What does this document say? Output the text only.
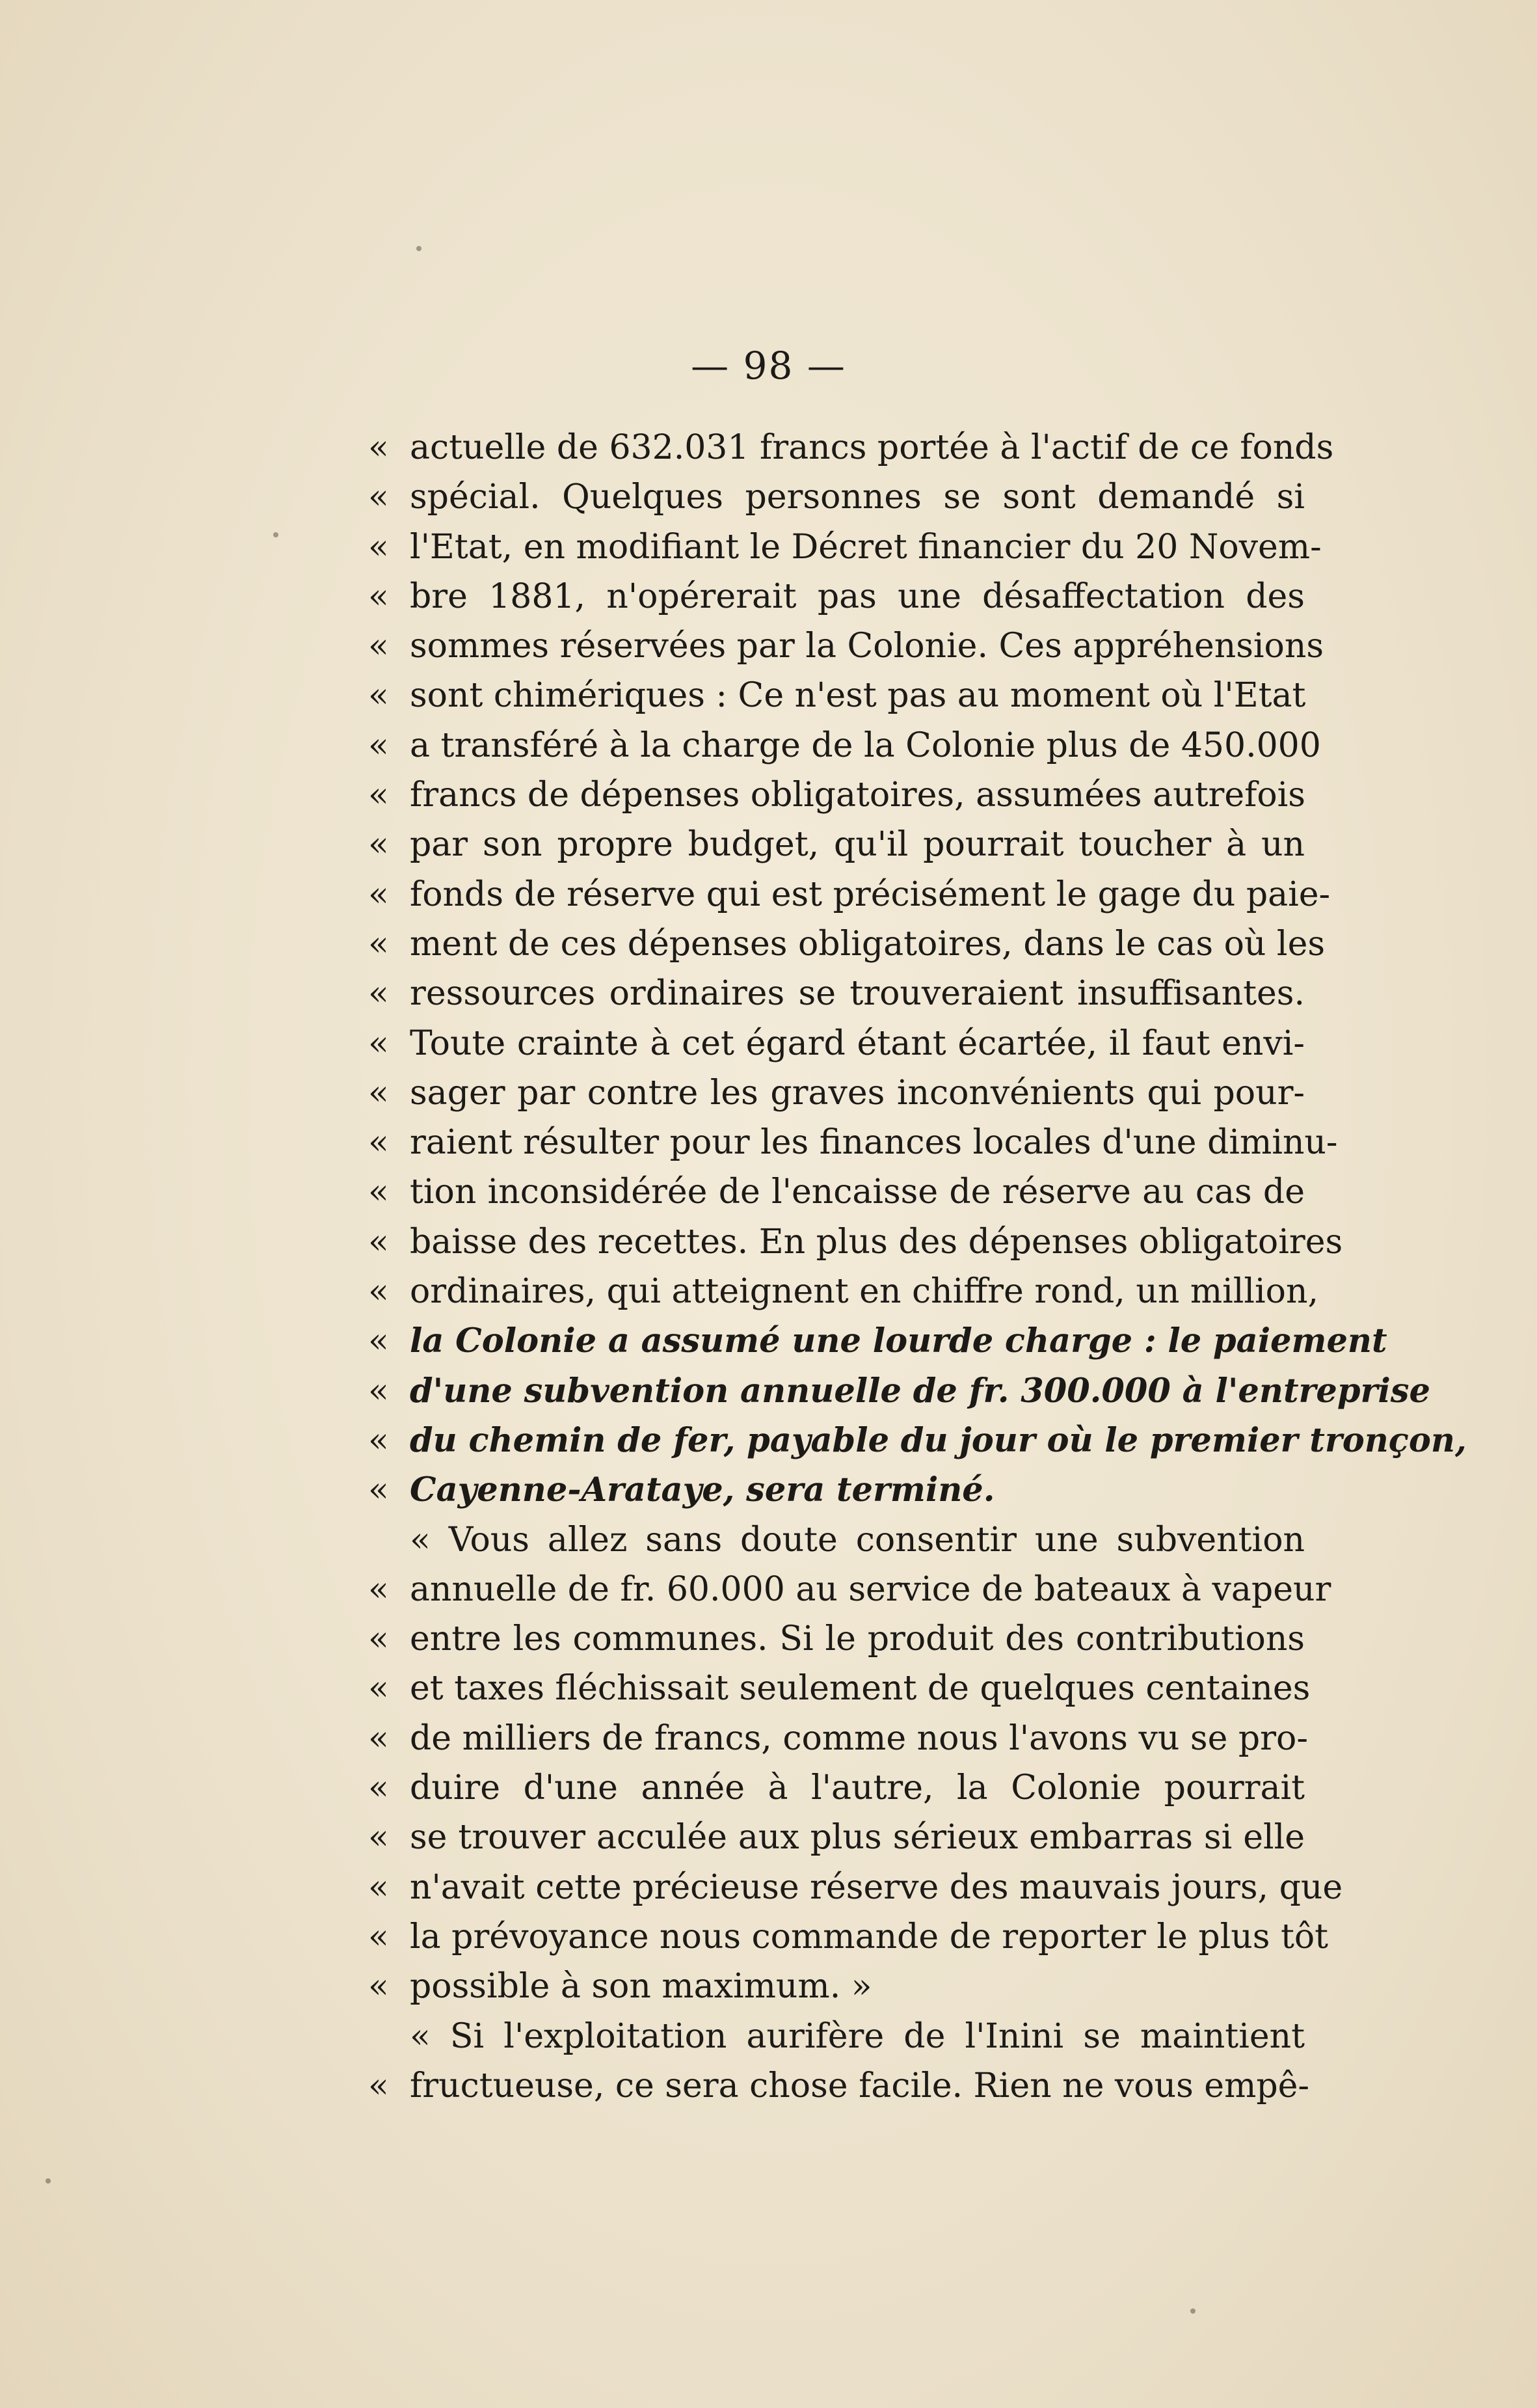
— 98 —
« actuelle de 632.031 francs portée à l'actif de ce fonds
« spécial. Quelques personnes se sont demandé si
« l'Etat, en modifiant le Décret financier du 20 Novem-
« bre 1881, n'opérerait pas une désaffectation des
« sommes réservées par la Colonie. Ces appréhensions
« sont chimériques : Ce n'est pas au moment où l'Etat
« a transféré à la charge de la Colonie plus de 450.000
« francs de dépenses obligatoires, assumées autrefois
« par son propre budget, qu'il pourrait toucher à un
« fonds de réserve qui est précisément le gage du paie-
« ment de ces dépenses obligatoires, dans le cas où les
« ressources ordinaires se trouveraient insuffisantes.
« Toute crainte à cet égard étant écartée, il faut envi-
« sager par contre les graves inconvénients qui pour-
« raient résulter pour les finances locales d'une diminu-
« tion inconsidérée de l'encaisse de réserve au cas de
« baisse des recettes. En plus des dépenses obligatoires
« ordinaires, qui atteignent en chiffre rond, un million,
« la Colonie a assumé une lourde charge : le paiement
« d'une subvention annuelle de fr. 300.000 à l'entreprise
« du chemin de fer, payable du jour où le premier tronçon,
« Cayenne-Arataye, sera terminé.
« Vous allez sans doute consentir une subvention
« annuelle de fr. 60.000 au service de bateaux à vapeur
« entre les communes. Si le produit des contributions
« et taxes fléchissait seulement de quelques centaines
« de milliers de francs, comme nous l'avons vu se pro-
« duire d'une année à l'autre, la Colonie pourrait
« se trouver acculée aux plus sérieux embarras si elle
« n'avait cette précieuse réserve des mauvais jours, que
« la prévoyance nous commande de reporter le plus tôt
« possible à son maximum. »
« Si l'exploitation aurifère de l'Inini se maintient
« fructueuse, ce sera chose facile. Rien ne vous empê-
